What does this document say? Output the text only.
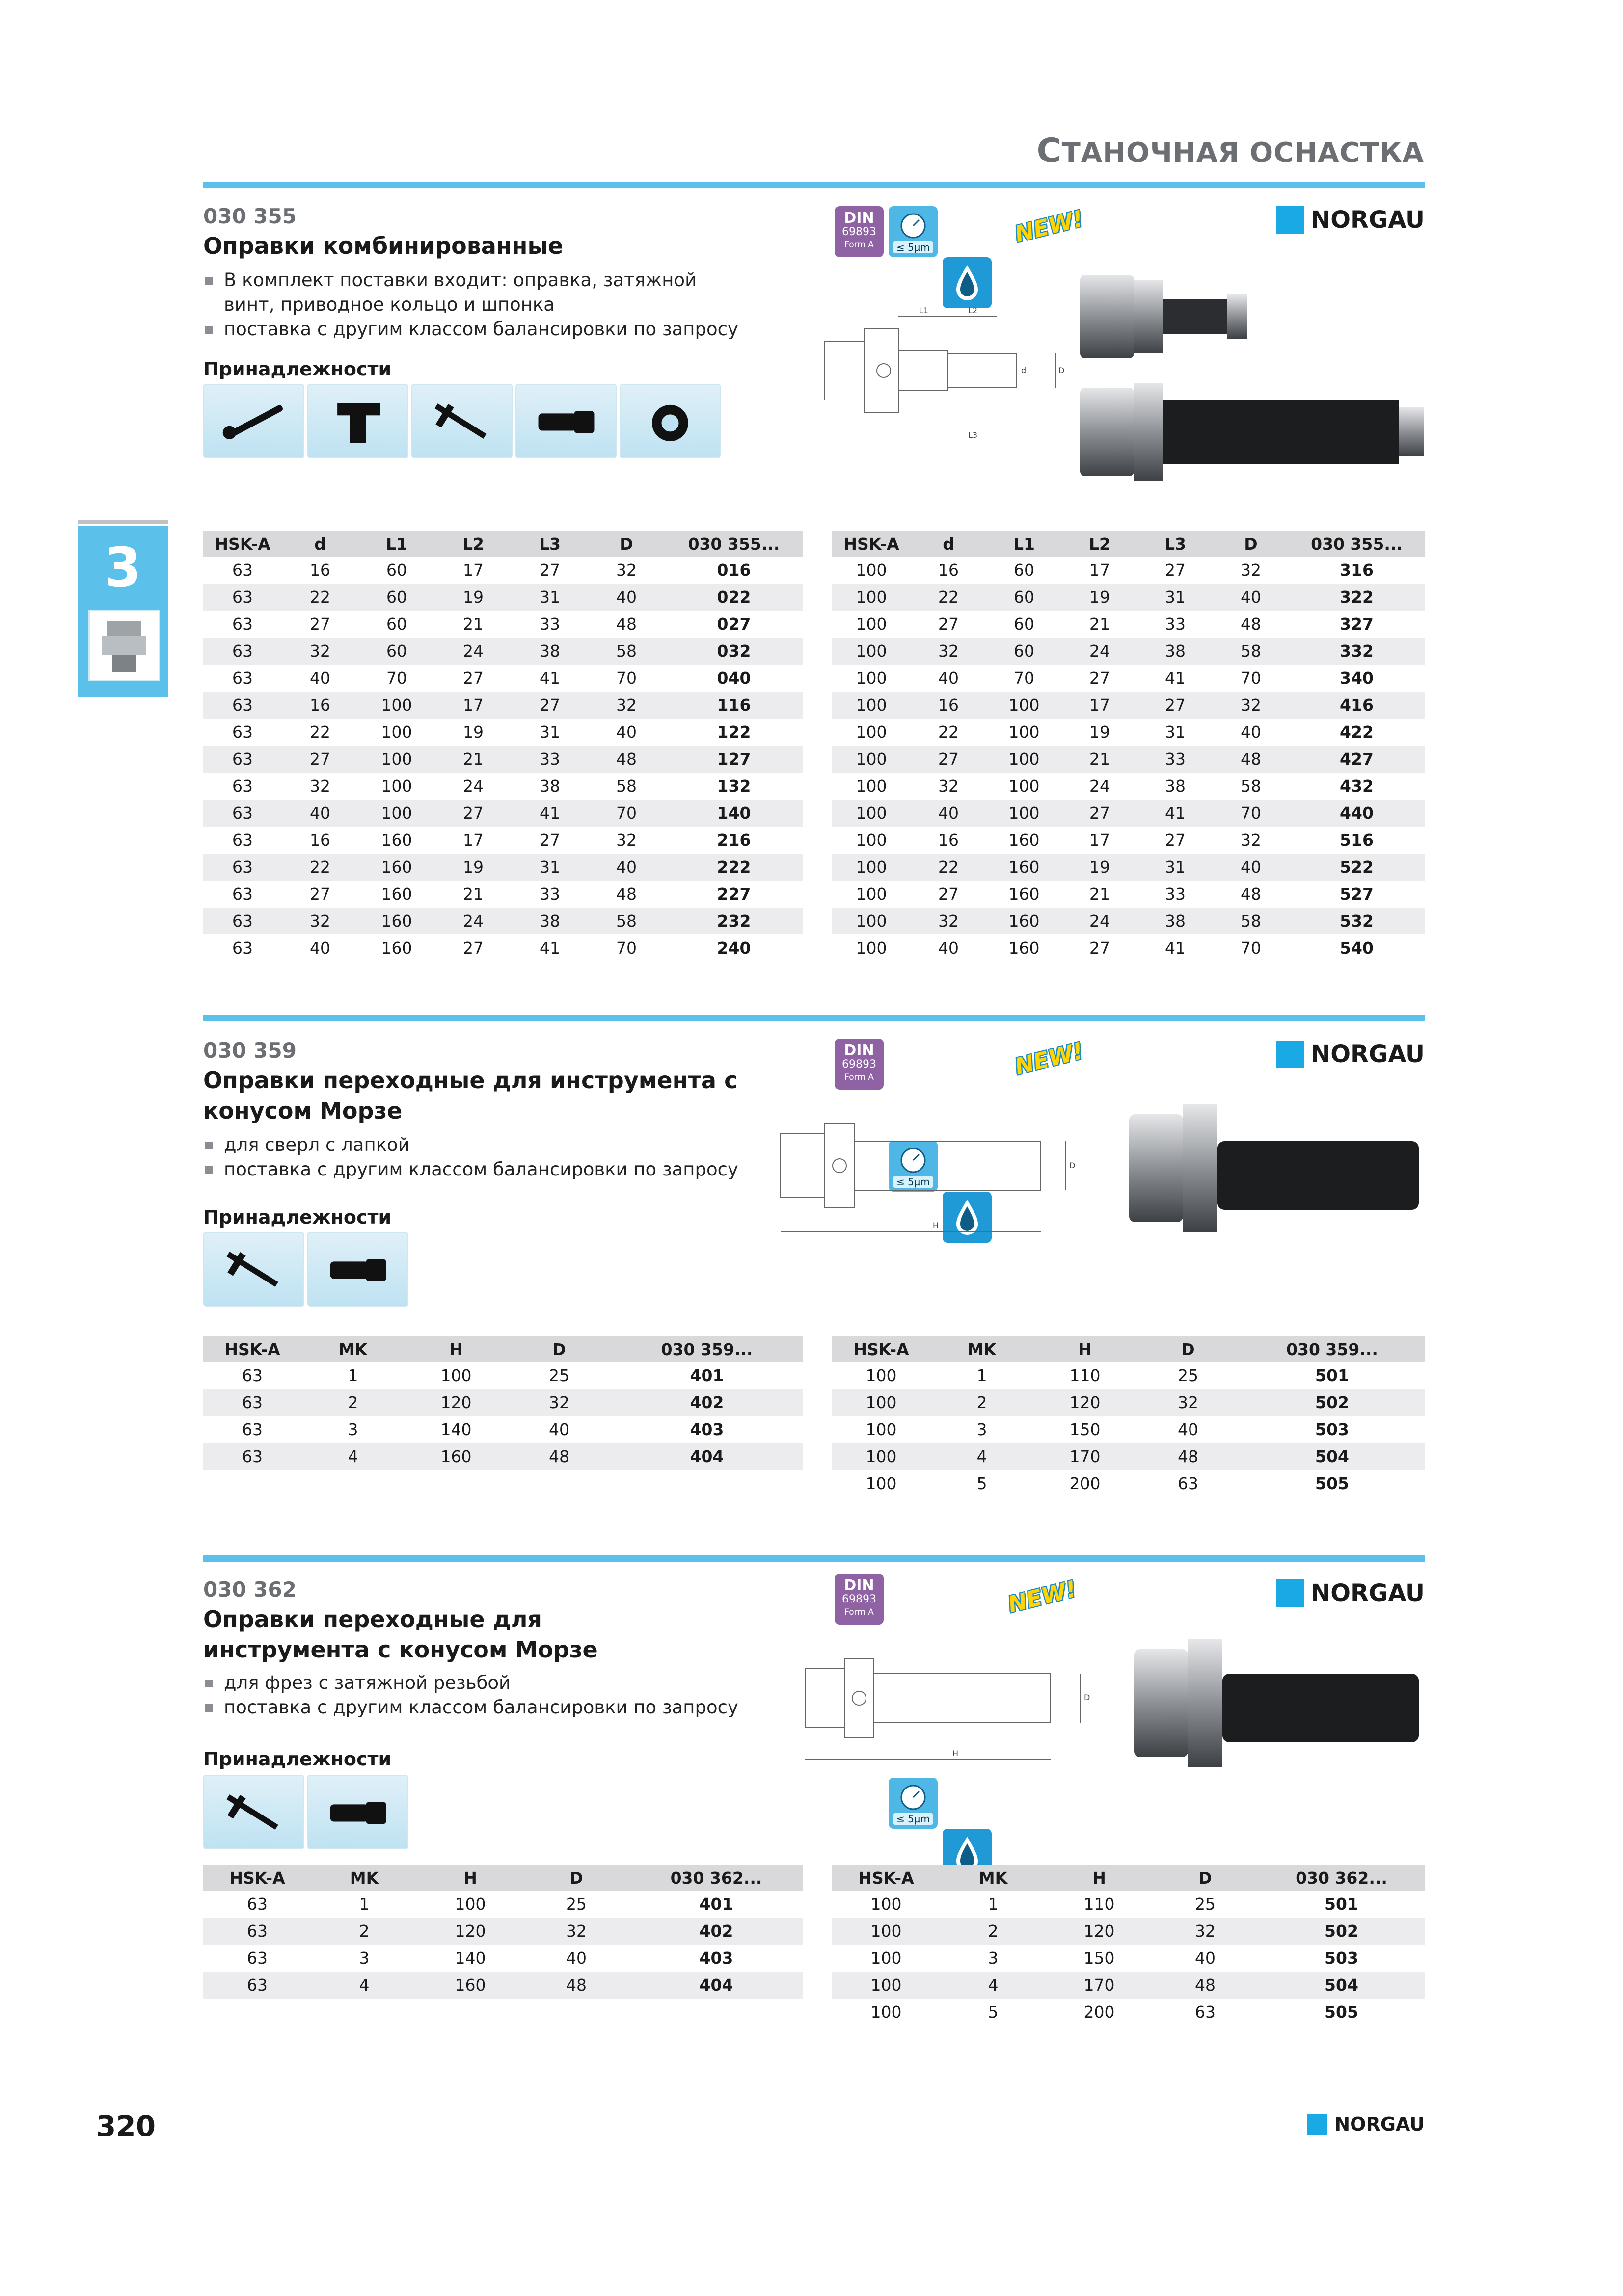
СТАНОЧНАЯ ОСНАСТКА
3
030 355
Оправки комбинированные
В комплект поставки входит: оправка, затяжной винт, приводное кольцо и шпонка
поставка с другим классом балансировки по запросу
Принадлежности
DIN
69893
Form A	≤ 5µm	NEW!	NORGAU
L1	L2
L3
d	D
HSK-A	d	L1	L2	L3	D	030 355...
63	16	60	17	27	32	016
63	22	60	19	31	40	022
63	27	60	21	33	48	027
63	32	60	24	38	58	032
63	40	70	27	41	70	040
63	16	100	17	27	32	116
63	22	100	19	31	40	122
63	27	100	21	33	48	127
63	32	100	24	38	58	132
63	40	100	27	41	70	140
63	16	160	17	27	32	216
63	22	160	19	31	40	222
63	27	160	21	33	48	227
63	32	160	24	38	58	232
63	40	160	27	41	70	240
HSK-A	d	L1	L2	L3	D	030 355...
100	16	60	17	27	32	316
100	22	60	19	31	40	322
100	27	60	21	33	48	327
100	32	60	24	38	58	332
100	40	70	27	41	70	340
100	16	100	17	27	32	416
100	22	100	19	31	40	422
100	27	100	21	33	48	427
100	32	100	24	38	58	432
100	40	100	27	41	70	440
100	16	160	17	27	32	516
100	22	160	19	31	40	522
100	27	160	21	33	48	527
100	32	160	24	38	58	532
100	40	160	27	41	70	540
030 359
Оправки переходные для инструмента с конусом Морзе
для сверл с лапкой
поставка с другим классом балансировки по запросу
Принадлежности
DIN
69893
Form A
≤ 5µm
NEW!	NORGAU
H
D
HSK-A	MK	H	D	030 359...
63	1	100	25	401
63	2	120	32	402
63	3	140	40	403
63	4	160	48	404
HSK-A	MK	H	D	030 359...
100	1	110	25	501
100	2	120	32	502
100	3	150	40	503
100	4	170	48	504
100	5	200	63	505
030 362
Оправки переходные для инструмента с конусом Морзе
для фрез с затяжной резьбой
поставка с другим классом балансировки по запросу
Принадлежности
DIN
69893
Form A
≤ 5µm
NEW!	NORGAU
H
D
HSK-A	MK	H	D	030 362...
63	1	100	25	401
63	2	120	32	402
63	3	140	40	403
63	4	160	48	404
HSK-A	MK	H	D	030 362...
100	1	110	25	501
100	2	120	32	502
100	3	150	40	503
100	4	170	48	504
100	5	200	63	505
320	NORGAU
